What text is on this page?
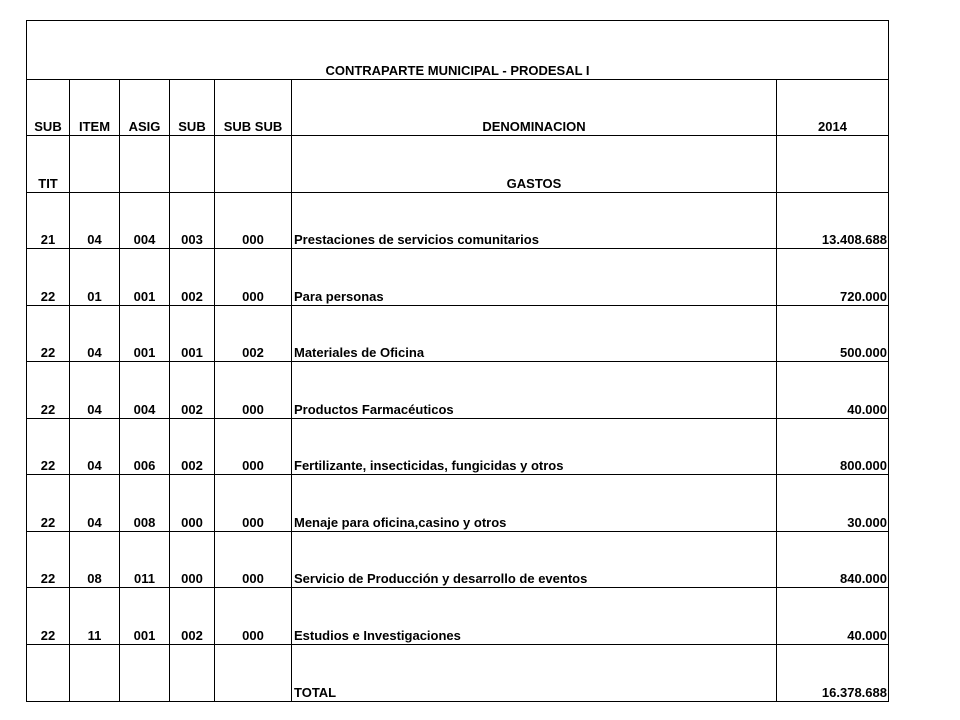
CONTRAPARTE MUNICIPAL - PRODESAL I						
SUB	ITEM	ASIG	SUB	SUB SUB	DENOMINACION	2014
TIT					GASTOS	
21	04	004	003	000	Prestaciones de servicios comunitarios	13.408.688
22	01	001	002	000	Para personas	720.000
22	04	001	001	002	Materiales de Oficina	500.000
22	04	004	002	000	Productos Farmacéuticos	40.000
22	04	006	002	000	Fertilizante, insecticidas, fungicidas y otros	800.000
22	04	008	000	000	Menaje para oficina,casino y otros	30.000
22	08	011	000	000	Servicio de Producción y desarrollo de eventos	840.000
22	11	001	002	000	Estudios e Investigaciones	40.000
					TOTAL	16.378.688
